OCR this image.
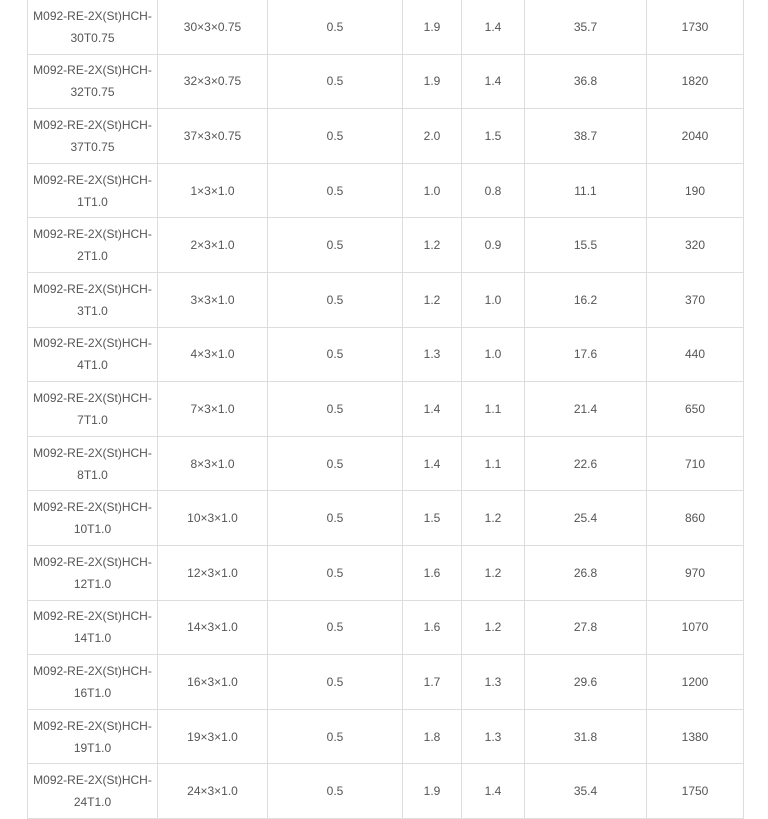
M092-RE-2X(St)HCH-
30T0.75	30×3×0.75	0.5	1.9	1.4	35.7	1730

M092-RE-2X(St)HCH-
32T0.75	32×3×0.75	0.5	1.9	1.4	36.8	1820

M092-RE-2X(St)HCH-
37T0.75	37×3×0.75	0.5	2.0	1.5	38.7	2040

M092-RE-2X(St)HCH-
1T1.0	1×3×1.0	0.5	1.0	0.8	11.1	190

M092-RE-2X(St)HCH-
2T1.0	2×3×1.0	0.5	1.2	0.9	15.5	320

M092-RE-2X(St)HCH-
3T1.0	3×3×1.0	0.5	1.2	1.0	16.2	370

M092-RE-2X(St)HCH-
4T1.0	4×3×1.0	0.5	1.3	1.0	17.6	440

M092-RE-2X(St)HCH-
7T1.0	7×3×1.0	0.5	1.4	1.1	21.4	650

M092-RE-2X(St)HCH-
8T1.0	8×3×1.0	0.5	1.4	1.1	22.6	710

M092-RE-2X(St)HCH-
10T1.0	10×3×1.0	0.5	1.5	1.2	25.4	860

M092-RE-2X(St)HCH-
12T1.0	12×3×1.0	0.5	1.6	1.2	26.8	970

M092-RE-2X(St)HCH-
14T1.0	14×3×1.0	0.5	1.6	1.2	27.8	1070

M092-RE-2X(St)HCH-
16T1.0	16×3×1.0	0.5	1.7	1.3	29.6	1200

M092-RE-2X(St)HCH-
19T1.0	19×3×1.0	0.5	1.8	1.3	31.8	1380

M092-RE-2X(St)HCH-
24T1.0	24×3×1.0	0.5	1.9	1.4	35.4	1750
